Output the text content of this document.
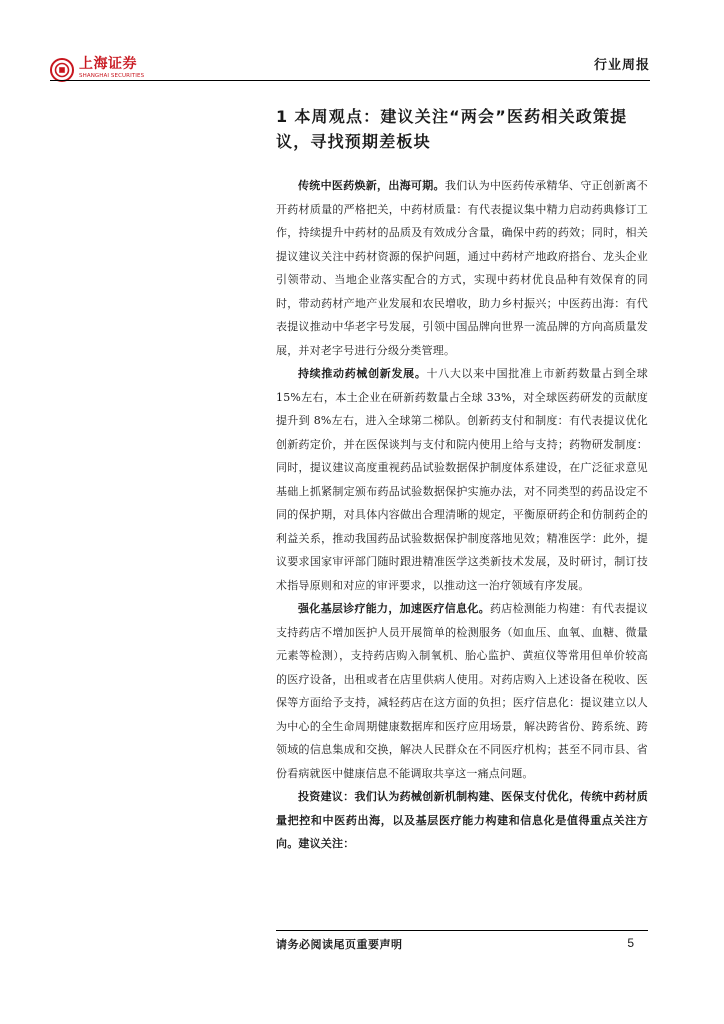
上海证券
SHANGHAI SECURITIES
行业周报
1 本周观点：建议关注“两会”医药相关政策提议，寻找预期差板块

传统中医药焕新，出海可期。我们认为中医药传承精华、守正创新离不开药材质量的严格把关，中药材质量：有代表提议集中精力启动药典修订工作，持续提升中药材的品质及有效成分含量，确保中药的药效；同时，相关提议建议关注中药材资源的保护问题，通过中药材产地政府搭台、龙头企业引领带动、当地企业落实配合的方式，实现中药材优良品种有效保育的同时，带动药材产地产业发展和农民增收，助力乡村振兴；中医药出海：有代表提议推动中华老字号发展，引领中国品牌向世界一流品牌的方向高质量发展，并对老字号进行分级分类管理。

持续推动药械创新发展。十八大以来中国批准上市新药数量占到全球 15%左右，本土企业在研新药数量占全球 33%，对全球医药研发的贡献度提升到 8%左右，进入全球第二梯队。创新药支付和制度：有代表提议优化创新药定价，并在医保谈判与支付和院内使用上给与支持；药物研发制度：同时，提议建议高度重视药品试验数据保护制度体系建设，在广泛征求意见基础上抓紧制定颁布药品试验数据保护实施办法，对不同类型的药品设定不同的保护期，对具体内容做出合理清晰的规定，平衡原研药企和仿制药企的利益关系，推动我国药品试验数据保护制度落地见效；精准医学：此外，提议要求国家审评部门随时跟进精准医学这类新技术发展，及时研讨，制订技术指导原则和对应的审评要求，以推动这一治疗领域有序发展。

强化基层诊疗能力，加速医疗信息化。药店检测能力构建：有代表提议支持药店不增加医护人员开展简单的检测服务（如血压、血氧、血糖、微量元素等检测），支持药店购入制氧机、胎心监护、黄疸仪等常用但单价较高的医疗设备，出租或者在店里供病人使用。对药店购入上述设备在税收、医保等方面给予支持，减轻药店在这方面的负担；医疗信息化：提议建立以人为中心的全生命周期健康数据库和医疗应用场景，解决跨省份、跨系统、跨领域的信息集成和交换，解决人民群众在不同医疗机构；甚至不同市县、省份看病就医中健康信息不能调取共享这一痛点问题。

投资建议：我们认为药械创新机制构建、医保支付优化，传统中药材质量把控和中医药出海，以及基层医疗能力构建和信息化是值得重点关注方向。建议关注：

请务必阅读尾页重要声明	5
